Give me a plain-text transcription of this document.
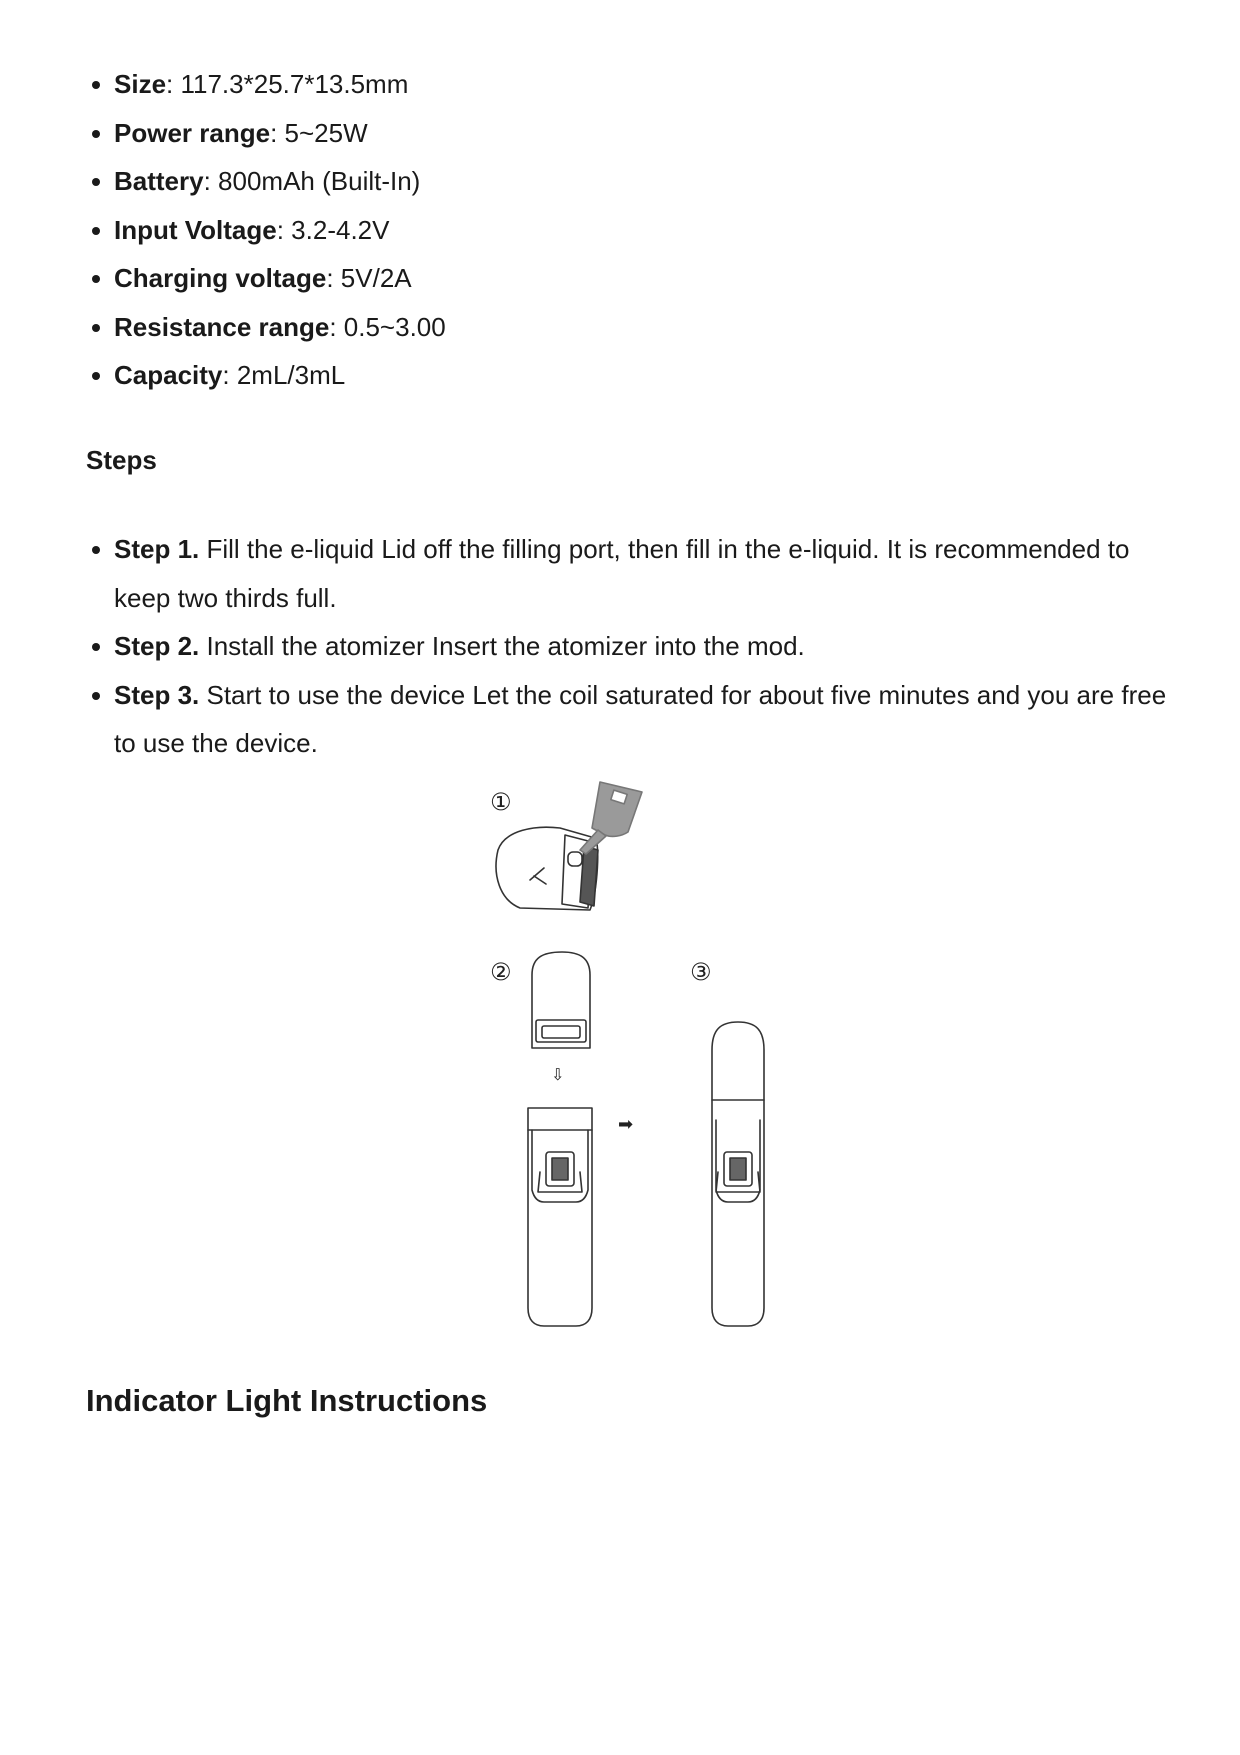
Size: 117.3*25.7*13.5mm
Power range: 5~25W
Battery: 800mAh (Built-In)
Input Voltage: 3.2-4.2V
Charging voltage: 5V/2A
Resistance range: 0.5~3.00
Capacity: 2mL/3mL
Steps
Step 1. Fill the e-liquid Lid off the filling port, then fill in the e-liquid. It is recommended to keep two thirds full.
Step 2. Install the atomizer Insert the atomizer into the mod.
Step 3. Start to use the device Let the coil saturated for about five minutes and you are free to use the device.
①
②	③
⇩
➡
Indicator Light Instructions
